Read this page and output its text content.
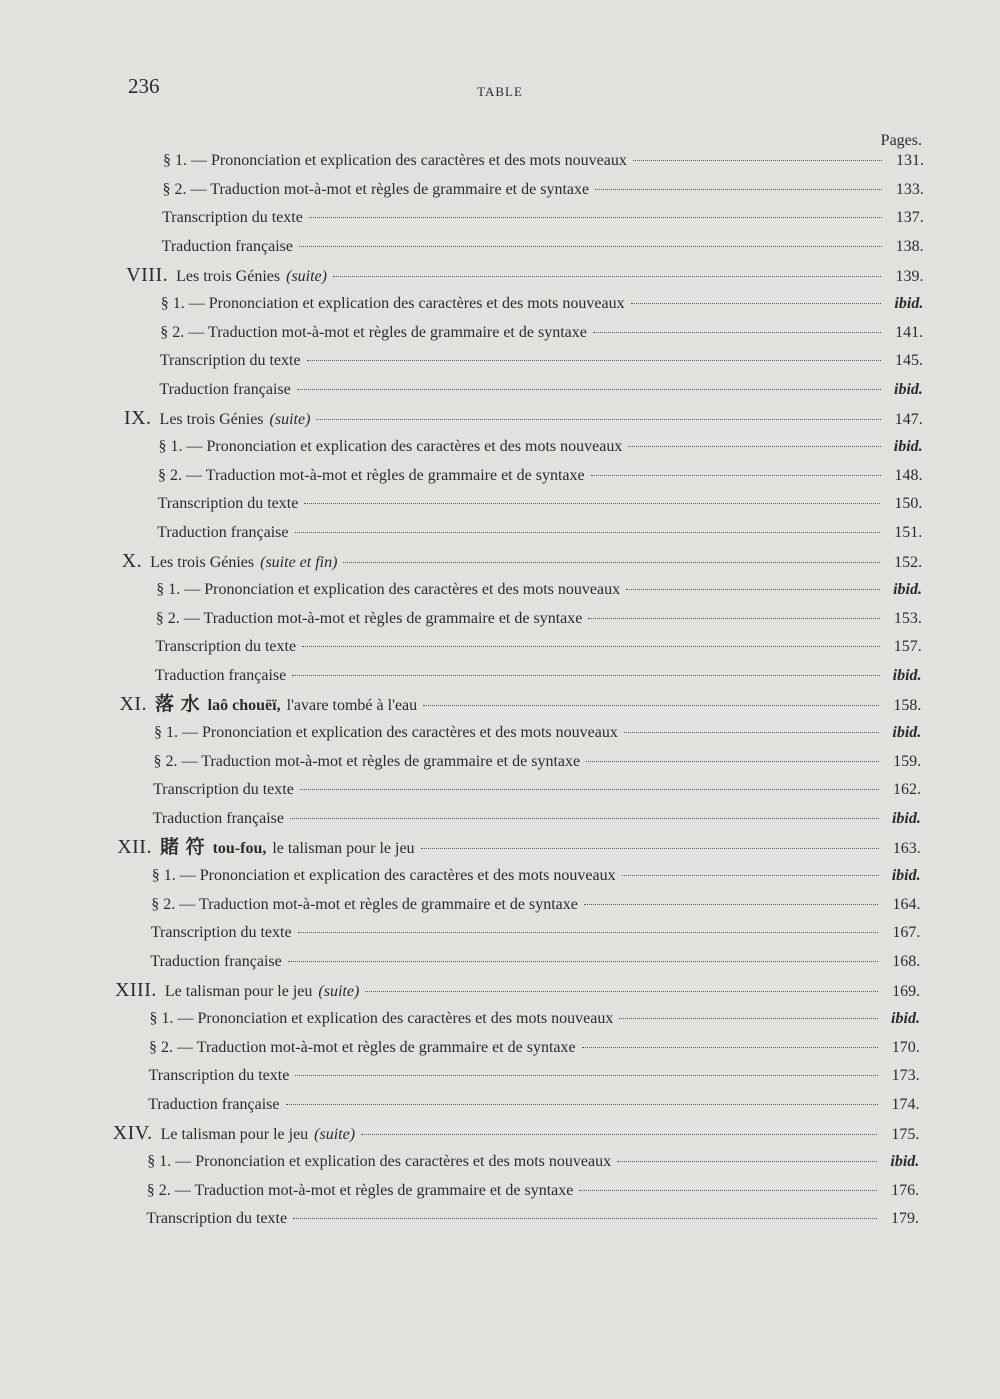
236	TABLE
Pages.
§ 1. — Prononciation et explication des caractères et des mots nouveaux	131.
§ 2. — Traduction mot-à-mot et règles de grammaire et de syntaxe	133.
Transcription du texte	137.
Traduction française	138.
VIII. Les trois Génies (suite)	139.
§ 1. — Prononciation et explication des caractères et des mots nouveaux	ibid.
§ 2. — Traduction mot-à-mot et règles de grammaire et de syntaxe	141.
Transcription du texte	145.
Traduction française	ibid.
IX. Les trois Génies (suite)	147.
§ 1. — Prononciation et explication des caractères et des mots nouveaux	ibid.
§ 2. — Traduction mot-à-mot et règles de grammaire et de syntaxe	148.
Transcription du texte	150.
Traduction française	151.
X. Les trois Génies (suite et fin)	152.
§ 1. — Prononciation et explication des caractères et des mots nouveaux	ibid.
§ 2. — Traduction mot-à-mot et règles de grammaire et de syntaxe	153.
Transcription du texte	157.
Traduction française	ibid.
XI. 落 水 laô chouëï, l'avare tombé à l'eau	158.
§ 1. — Prononciation et explication des caractères et des mots nouveaux	ibid.
§ 2. — Traduction mot-à-mot et règles de grammaire et de syntaxe	159.
Transcription du texte	162.
Traduction française	ibid.
XII. 賭 符 tou-fou, le talisman pour le jeu	163.
§ 1. — Prononciation et explication des caractères et des mots nouveaux	ibid.
§ 2. — Traduction mot-à-mot et règles de grammaire et de syntaxe	164.
Transcription du texte	167.
Traduction française	168.
XIII. Le talisman pour le jeu (suite)	169.
§ 1. — Prononciation et explication des caractères et des mots nouveaux	ibid.
§ 2. — Traduction mot-à-mot et règles de grammaire et de syntaxe	170.
Transcription du texte	173.
Traduction française	174.
XIV. Le talisman pour le jeu (suite)	175.
§ 1. — Prononciation et explication des caractères et des mots nouveaux	ibid.
§ 2. — Traduction mot-à-mot et règles de grammaire et de syntaxe	176.
Transcription du texte	179.
